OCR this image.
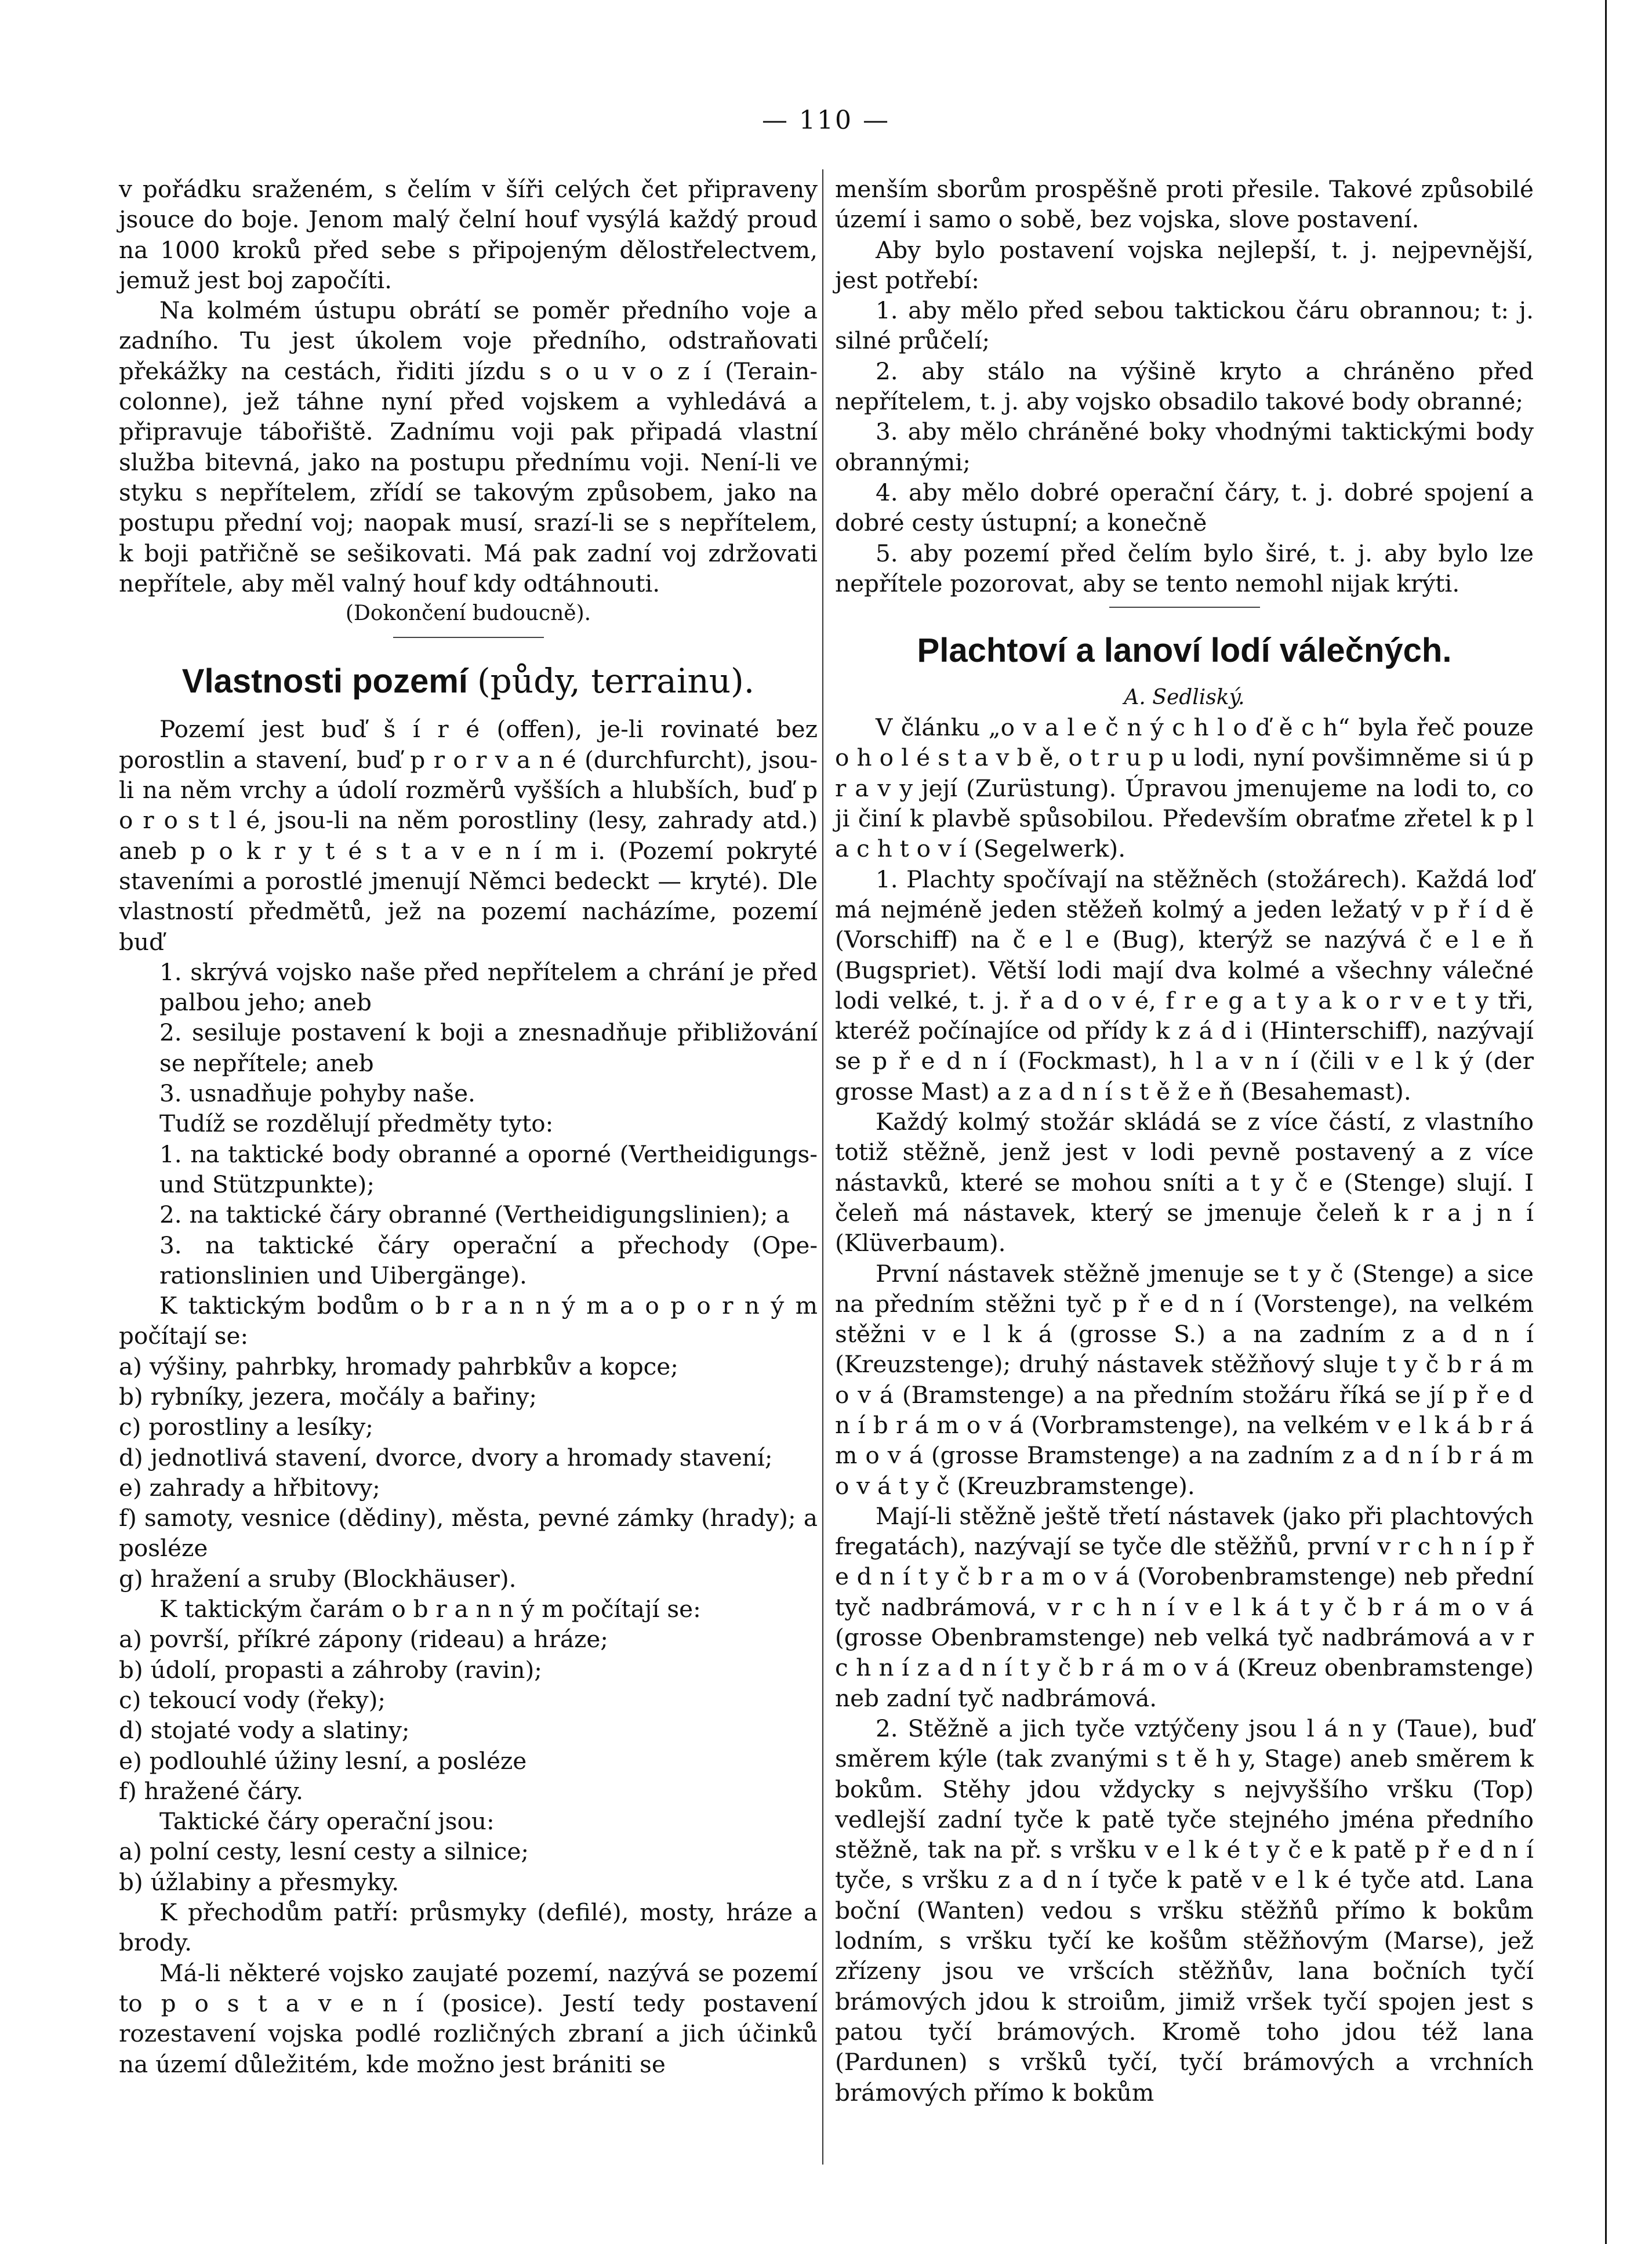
— 110 —

v pořádku sraženém, s čelím v šíři celých čet připraveny jsouce do boje. Jenom malý čelní houf vysýlá každý proud na 1000 kroků před sebe s připojeným dělostřelectvem, jemuž jest boj započíti.

Na kolmém ústupu obrátí se poměr předního voje a zadního. Tu jest úkolem voje předního, odstraňovati překážky na cestách, řiditi jízdu s o u v o z í (Teraincolonne), jež táhne nyní před vojskem a vyhledává a připravuje tábořiště. Zadnímu voji pak připadá vlastní služba bitevná, jako na postupu přednímu voji. Není-li ve styku s nepřítelem, zřídí se takovým způsobem, jako na postupu přední voj; naopak musí, srazí-li se s nepřítelem, k boji patřičně se sešikovati. Má pak zadní voj zdržovati nepřítele, aby měl valný houf kdy odtáhnouti.

(Dokončení budoucně).

Vlastnosti pozemí (půdy, terrainu).

Pozemí jest buď š í r é (offen), je-li rovinaté bez porostlin a stavení, buď p r o r v a n é (durchfurcht), jsou-li na něm vrchy a údolí rozměrů vyšších a hlubších, buď p o r o s t l é, jsou-li na něm porostliny (lesy, zahrady atd.) aneb p o k r y t é s t a v e n í m i. (Pozemí pokryté staveními a porostlé jmenují Němci bedeckt — kryté). Dle vlastností předmětů, jež na pozemí nacházíme, pozemí buď

1. skrývá vojsko naše před nepřítelem a chrání je před palbou jeho; aneb

2. sesiluje postavení k boji a znesnadňuje přibližování se nepřítele; aneb

3. usnadňuje pohyby naše.

Tudíž se rozdělují předměty tyto:

1. na taktické body obranné a oporné (Vertheidigungs- und Stützpunkte);

2. na taktické čáry obranné (Vertheidigungslinien); a

3. na taktické čáry operační a přechody (Operationslinien und Uibergänge).

K taktickým bodům o b r a n n ý m a o p o r n ý m počítají se:

a) výšiny, pahrbky, hromady pahrbkův a kopce;

b) rybníky, jezera, močály a bařiny;

c) porostliny a lesíky;

d) jednotlivá stavení, dvorce, dvory a hromady stavení;

e) zahrady a hřbitovy;

f) samoty, vesnice (dědiny), města, pevné zámky (hrady); a posléze

g) hražení a sruby (Blockhäuser).

K taktickým čarám o b r a n n ý m počítají se:

a) površí, příkré zápony (rideau) a hráze;

b) údolí, propasti a záhroby (ravin);

c) tekoucí vody (řeky);

d) stojaté vody a slatiny;

e) podlouhlé úžiny lesní, a posléze

f) hražené čáry.

Taktické čáry operační jsou:

a) polní cesty, lesní cesty a silnice;

b) úžlabiny a přesmyky.

K přechodům patří: průsmyky (defilé), mosty, hráze a brody.

Má-li některé vojsko zaujaté pozemí, nazývá se pozemí to p o s t a v e n í (posice). Jestí tedy postavení rozestavení vojska podlé rozličných zbraní a jich účinků na území důležitém, kde možno jest brániti se

menším sborům prospěšně proti přesile. Takové způsobilé území i samo o sobě, bez vojska, slove postavení.

Aby bylo postavení vojska nejlepší, t. j. nejpevnější, jest potřebí:

1. aby mělo před sebou taktickou čáru obrannou; t: j. silné průčelí;

2. aby stálo na výšině kryto a chráněno před nepřítelem, t. j. aby vojsko obsadilo takové body obranné;

3. aby mělo chráněné boky vhodnými taktickými body obrannými;

4. aby mělo dobré operační čáry, t. j. dobré spojení a dobré cesty ústupní; a konečně

5. aby pozemí před čelím bylo širé, t. j. aby bylo lze nepřítele pozorovat, aby se tento nemohl nijak krýti.

Plachtoví a lanoví lodí válečných.
A. Sedliský.

V článku „o v a l e č n ý c h l o ď ě c h“ byla řeč pouze o h o l é s t a v b ě, o t r u p u lodi, nyní povšimněme si ú p r a v y její (Zurüstung). Úpravou jmenujeme na lodi to, co ji činí k plavbě spůsobilou. Především obraťme zřetel k p l a c h t o v í (Segelwerk).

1. Plachty spočívají na stěžněch (stožárech). Každá loď má nejméně jeden stěžeň kolmý a jeden ležatý v p ř í d ě (Vorschiff) na č e l e (Bug), kterýž se nazývá č e l e ň (Bugspriet). Větší lodi mají dva kolmé a všechny válečné lodi velké, t. j. ř a d o v é, f r e g a t y a k o r v e t y tři, kteréž počínajíce od přídy k z á d i (Hinterschiff), nazývají se p ř e d n í (Fockmast), h l a v n í (čili v e l k ý (der grosse Mast) a z a d n í s t ě ž e ň (Besahemast).

Každý kolmý stožár skládá se z více částí, z vlastního totiž stěžně, jenž jest v lodi pevně postavený a z více nástavků, které se mohou sníti a t y č e (Stenge) slují. I čeleň má nástavek, který se jmenuje čeleň k r a j n í (Klüverbaum).

První nástavek stěžně jmenuje se t y č (Stenge) a sice na předním stěžni tyč p ř e d n í (Vorstenge), na velkém stěžni v e l k á (grosse S.) a na zadním z a d n í (Kreuzstenge); druhý nástavek stěžňový sluje t y č b r á m o v á (Bramstenge) a na předním stožáru říká se jí p ř e d n í b r á m o v á (Vorbramstenge), na velkém v e l k á b r á m o v á (grosse Bramstenge) a na zadním z a d n í b r á m o v á t y č (Kreuzbramstenge).

Mají-li stěžně ještě třetí nástavek (jako při plachtových fregatách), nazývají se tyče dle stěžňů, první v r c h n í p ř e d n í t y č b r a m o v á (Vorobenbramstenge) neb přední tyč nadbrámová, v r c h n í v e l k á t y č b r á m o v á (grosse Obenbramstenge) neb velká tyč nadbrámová a v r c h n í z a d n í t y č b r á m o v á (Kreuz obenbramstenge) neb zadní tyč nadbrámová.

2. Stěžně a jich tyče vztýčeny jsou l á n y (Taue), buď směrem kýle (tak zvanými s t ě h y, Stage) aneb směrem k bokům. Stěhy jdou vždycky s nejvyššího vršku (Top) vedlejší zadní tyče k patě tyče stejného jména předního stěžně, tak na př. s vršku v e l k é t y č e k patě p ř e d n í tyče, s vršku z a d n í tyče k patě v e l k é tyče atd. Lana boční (Wanten) vedou s vršku stěžňů přímo k bokům lodním, s vršku tyčí ke košům stěžňovým (Marse), jež zřízeny jsou ve vršcích stěžňův, lana bočních tyčí brámových jdou k stroiům, jimiž vršek tyčí spojen jest s patou tyčí brámových. Kromě toho jdou též lana (Pardunen) s vršků tyčí, tyčí brámových a vrchních brámových přímo k bokům
